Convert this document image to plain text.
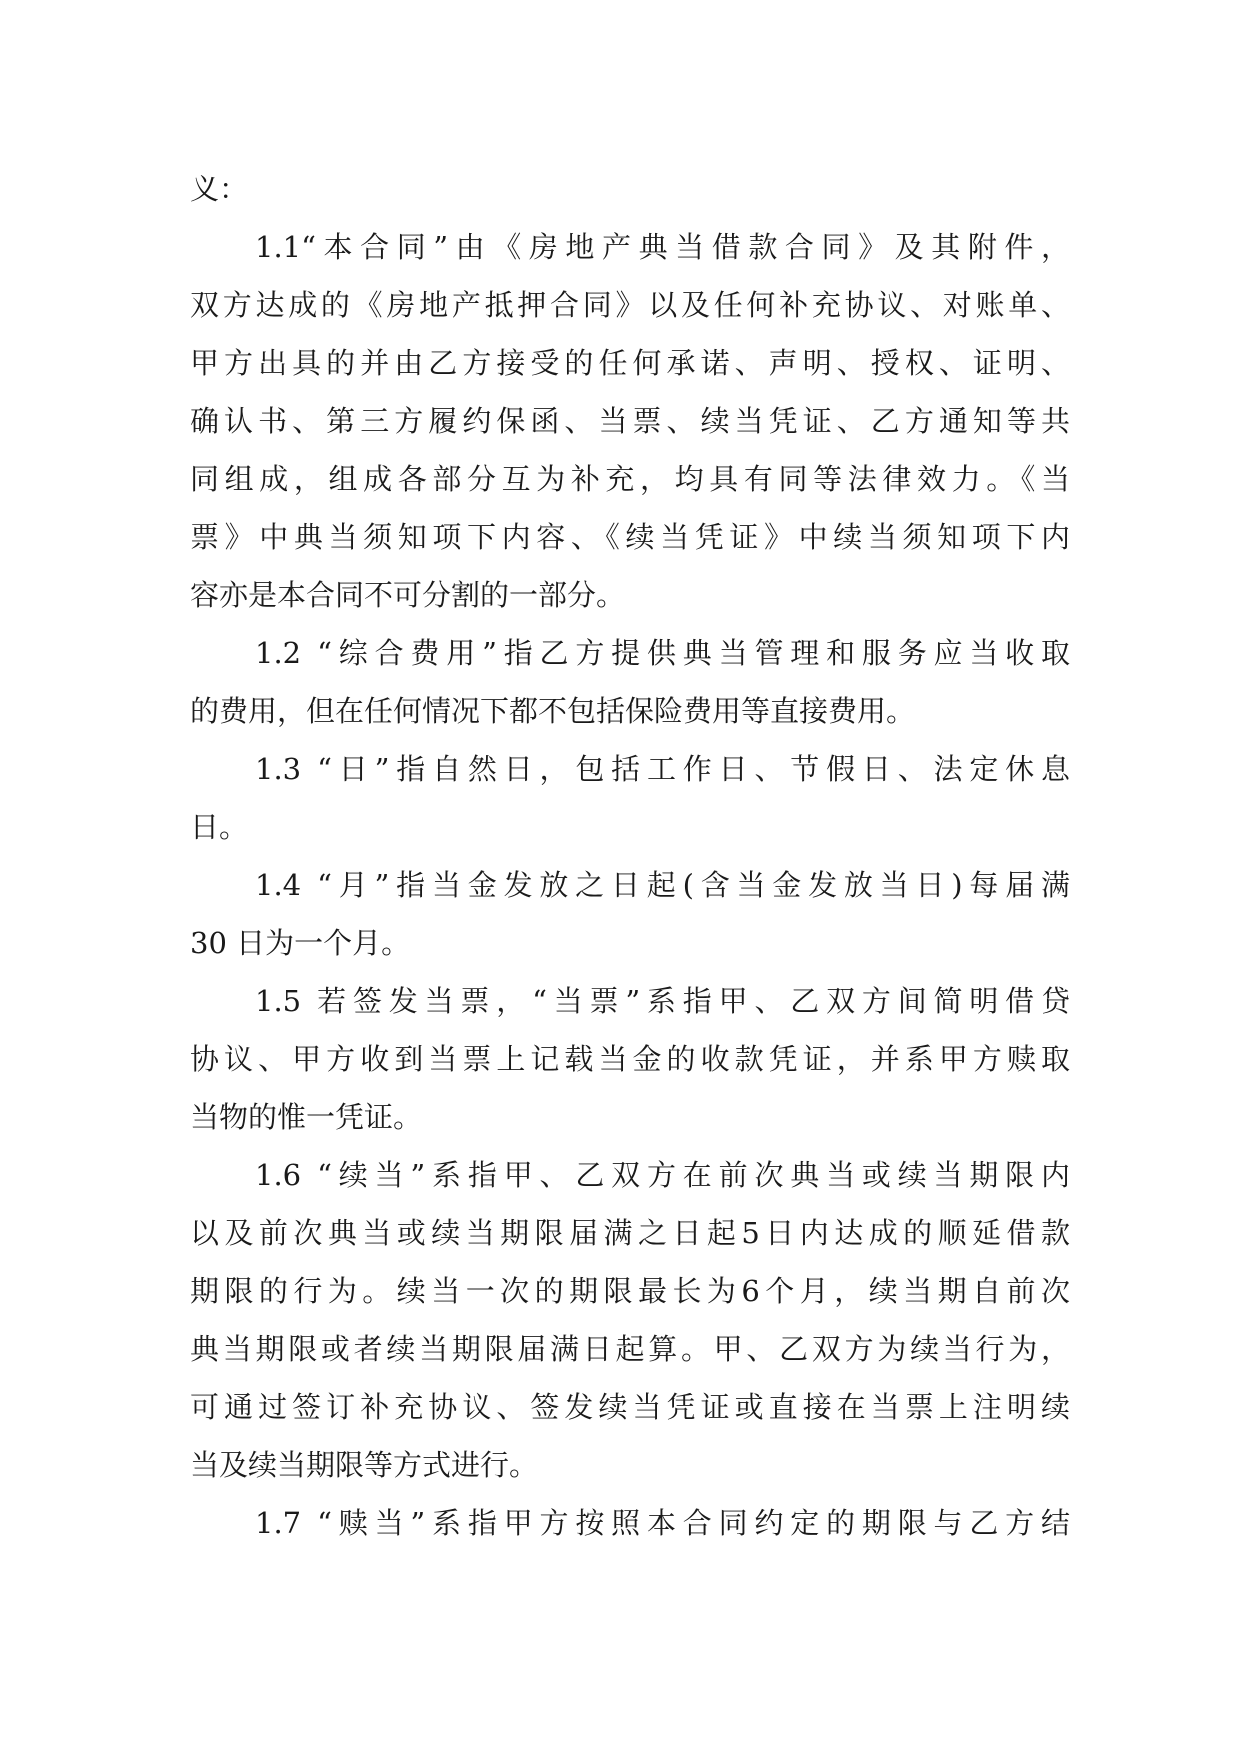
义：
1.1“本合同”由《房地产典当借款合同》及其附件，
双方达成的《房地产抵押合同》以及任何补充协议、对账单、
甲方出具的并由乙方接受的任何承诺、声明、授权、证明、
确认书、第三方履约保函、当票、续当凭证、乙方通知等共
同组成，组成各部分互为补充，均具有同等法律效力。《当
票》中典当须知项下内容、《续当凭证》中续当须知项下内
容亦是本合同不可分割的一部分。
1.2 “综合费用”指乙方提供典当管理和服务应当收取
的费用，但在任何情况下都不包括保险费用等直接费用。
1.3 “日”指自然日，包括工作日、节假日、法定休息
日。
1.4 “月”指当金发放之日起(含当金发放当日)每届满
30 日为一个月。
1.5 若签发当票，“当票”系指甲、乙双方间简明借贷
协议、甲方收到当票上记载当金的收款凭证，并系甲方赎取
当物的惟一凭证。
1.6 “续当”系指甲、乙双方在前次典当或续当期限内
以及前次典当或续当期限届满之日起5日内达成的顺延借款
期限的行为。续当一次的期限最长为6个月，续当期自前次
典当期限或者续当期限届满日起算。甲、乙双方为续当行为，
可通过签订补充协议、签发续当凭证或直接在当票上注明续
当及续当期限等方式进行。
1.7 “赎当”系指甲方按照本合同约定的期限与乙方结
